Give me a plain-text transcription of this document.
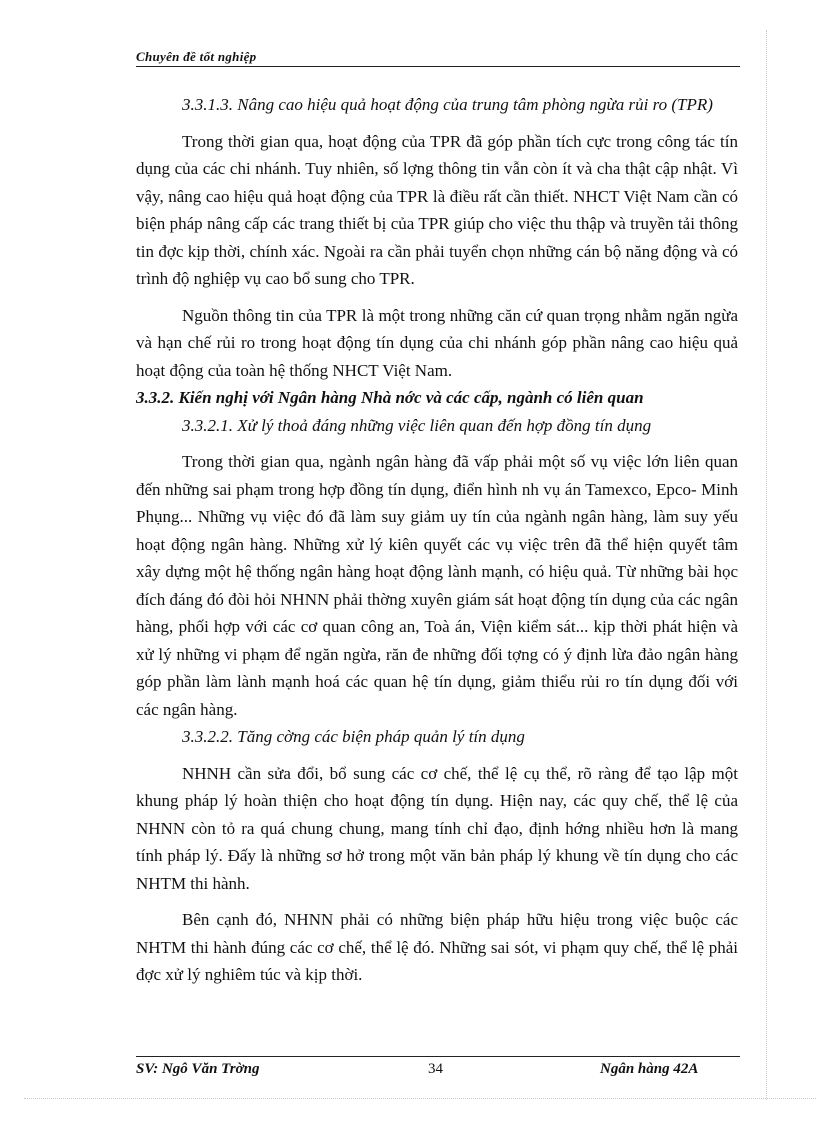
Chuyên đề tốt nghiệp

3.3.1.3. Nâng cao hiệu quả hoạt động của trung tâm phòng ngừa rủi ro (TPR)

Trong thời gian qua, hoạt động của TPR đã góp phần tích cực trong công tác tín dụng của các chi nhánh. Tuy nhiên, số lợng thông tin vẫn còn ít và cha thật cập nhật. Vì vậy, nâng cao hiệu quả hoạt động của TPR là điều rất cần thiết. NHCT Việt Nam cần có biện pháp nâng cấp các trang thiết bị của TPR giúp cho việc thu thập và truyền tải thông tin đợc kịp thời, chính xác. Ngoài ra cần phải tuyển chọn những cán bộ năng động và có trình độ nghiệp vụ cao bổ sung cho TPR.

Nguồn thông tin của TPR là một trong những căn cứ quan trọng nhằm ngăn ngừa và hạn chế rủi ro trong hoạt động tín dụng của chi nhánh góp phần nâng cao hiệu quả hoạt động của toàn hệ thống NHCT Việt Nam.

3.3.2. Kiến nghị với Ngân hàng Nhà nớc và các cấp, ngành có liên quan

3.3.2.1. Xử lý thoả đáng những việc liên quan đến hợp đồng tín dụng

Trong thời gian qua, ngành ngân hàng đã vấp phải một số vụ việc lớn liên quan đến những sai phạm trong hợp đồng tín dụng, điển hình nh vụ án Tamexco, Epco- Minh Phụng... Những vụ việc đó đã làm suy giảm uy tín của ngành ngân hàng, làm suy yếu hoạt động ngân hàng. Những xử lý kiên quyết các vụ việc trên đã thể hiện quyết tâm xây dựng một hệ thống ngân hàng hoạt động lành mạnh, có hiệu quả. Từ những bài học đích đáng đó đòi hỏi NHNN phải thờng xuyên giám sát hoạt động tín dụng của các ngân hàng, phối hợp với các cơ quan công an, Toà án, Viện kiểm sát... kịp thời phát hiện và xử lý những vi phạm để ngăn ngừa, răn đe những đối tợng có ý định lừa đảo ngân hàng góp phần làm lành mạnh hoá các quan hệ tín dụng, giảm thiểu rủi ro tín dụng đối với các ngân hàng.

3.3.2.2. Tăng cờng các biện pháp quản lý tín dụng

NHNH cần sửa đổi, bổ sung các cơ chế, thể lệ cụ thể, rõ ràng để tạo lập một khung pháp lý hoàn thiện cho hoạt động tín dụng. Hiện nay, các quy chế, thể lệ của NHNN còn tỏ ra quá chung chung, mang tính chỉ đạo, định hớng nhiều hơn là mang tính pháp lý. Đấy là những sơ hở trong một văn bản pháp lý khung về tín dụng cho các NHTM thi hành.

Bên cạnh đó, NHNN phải có những biện pháp hữu hiệu trong việc buộc các NHTM thi hành đúng các cơ chế, thể lệ đó. Những sai sót, vi phạm quy chế, thể lệ phải đợc xử lý nghiêm túc và kịp thời.

SV: Ngô Văn Trờng	34	Ngân hàng 42A
